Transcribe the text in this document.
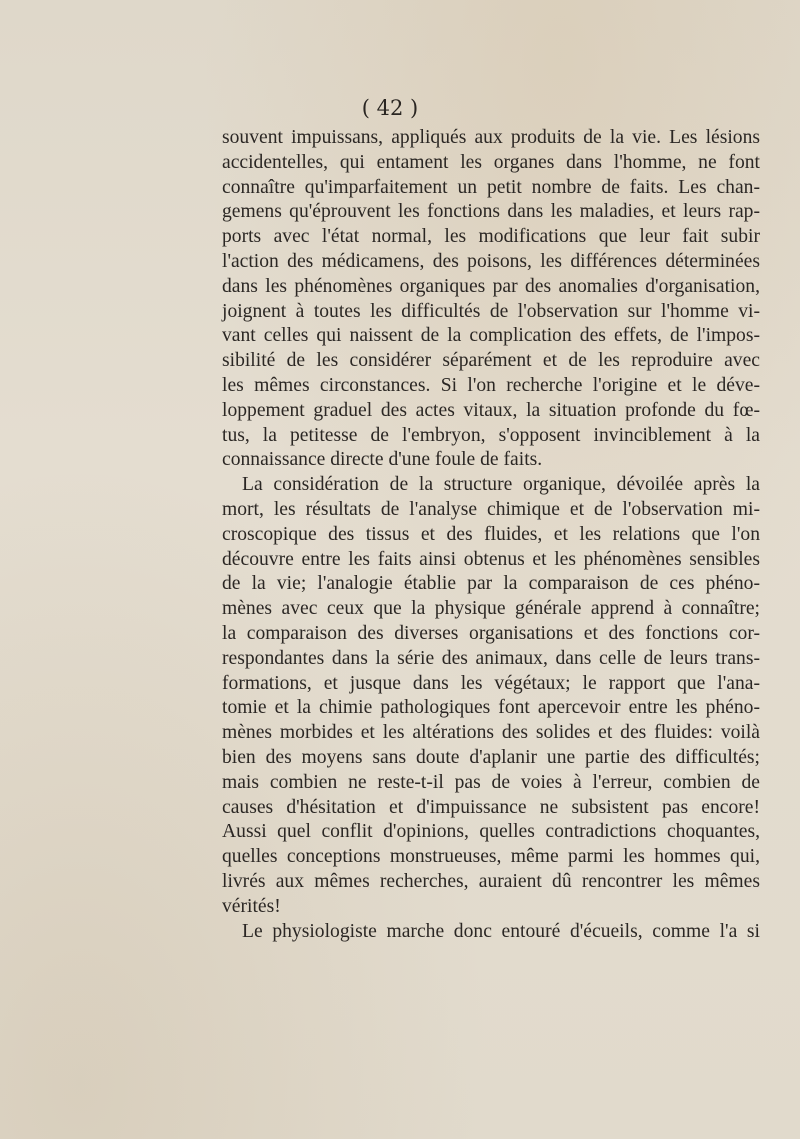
( 42 )
souvent impuissans, appliqués aux produits de la vie. Les lésions
accidentelles, qui entament les organes dans l'homme, ne font
connaître qu'imparfaitement un petit nombre de faits. Les chan-
gemens qu'éprouvent les fonctions dans les maladies, et leurs rap-
ports avec l'état normal, les modifications que leur fait subir
l'action des médicamens, des poisons, les différences déterminées
dans les phénomènes organiques par des anomalies d'organisation,
joignent à toutes les difficultés de l'observation sur l'homme vi-
vant celles qui naissent de la complication des effets, de l'impos-
sibilité de les considérer séparément et de les reproduire avec
les mêmes circonstances. Si l'on recherche l'origine et le déve-
loppement graduel des actes vitaux, la situation profonde du fœ-
tus, la petitesse de l'embryon, s'opposent invinciblement à la
connaissance directe d'une foule de faits.
La considération de la structure organique, dévoilée après la
mort, les résultats de l'analyse chimique et de l'observation mi-
croscopique des tissus et des fluides, et les relations que l'on
découvre entre les faits ainsi obtenus et les phénomènes sensibles
de la vie; l'analogie établie par la comparaison de ces phéno-
mènes avec ceux que la physique générale apprend à connaître;
la comparaison des diverses organisations et des fonctions cor-
respondantes dans la série des animaux, dans celle de leurs trans-
formations, et jusque dans les végétaux; le rapport que l'ana-
tomie et la chimie pathologiques font apercevoir entre les phéno-
mènes morbides et les altérations des solides et des fluides: voilà
bien des moyens sans doute d'aplanir une partie des difficultés;
mais combien ne reste-t-il pas de voies à l'erreur, combien de
causes d'hésitation et d'impuissance ne subsistent pas encore!
Aussi quel conflit d'opinions, quelles contradictions choquantes,
quelles conceptions monstrueuses, même parmi les hommes qui,
livrés aux mêmes recherches, auraient dû rencontrer les mêmes
vérités!
Le physiologiste marche donc entouré d'écueils, comme l'a si
